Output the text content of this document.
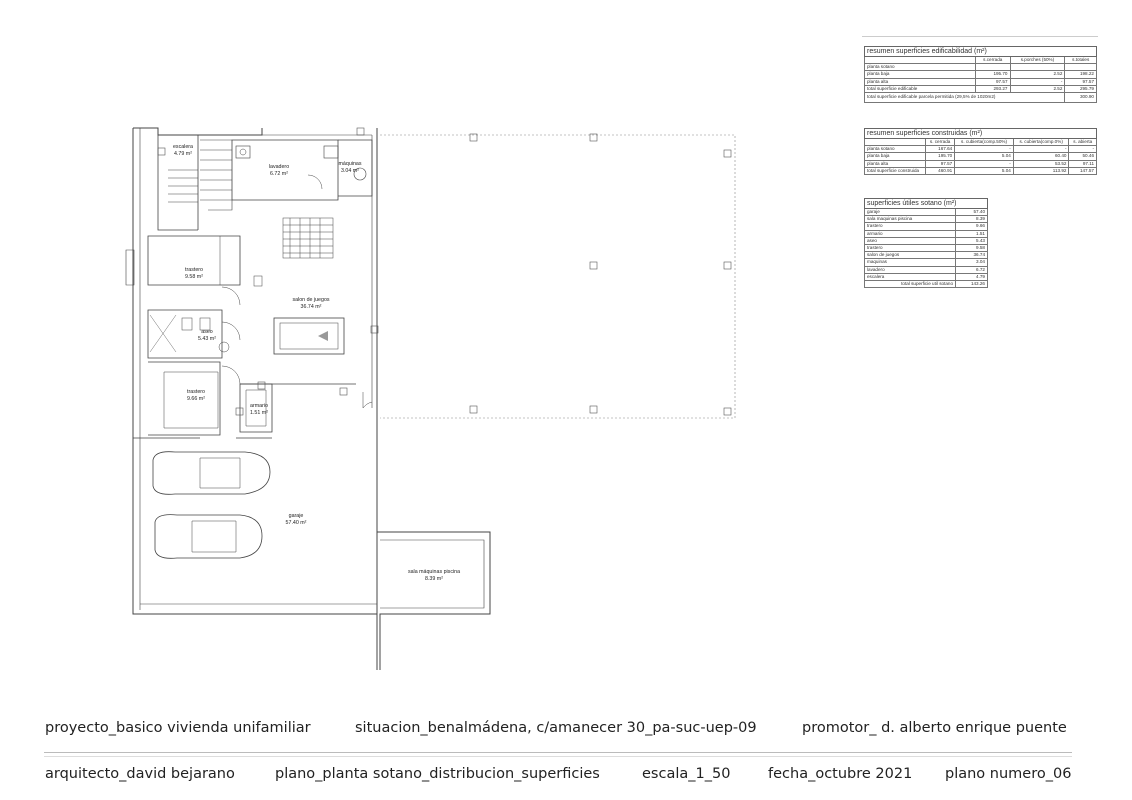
escalera
4.79 m²
lavadero
6.72 m²
máquinas
3.04 m²
trastero
9.58 m²
salon de juegos
36.74 m²
aseo
5.43 m²
trastero
9.66 m²
armario
1.51 m²
garaje
57.40 m²
sala máquinas piscina
8.39 m²
resumen superficies edificabilidad (m²)			
	s.cerrada	s.porches (50%)	s.totales
planta sotano			
planta baja	195.70	2.52	198.22
planta alta	97.57	-	97.57
total superficie edificable	293.27	2.52	295.79
total superficie edificable parcela permitida (29,5% de 1020m2)			300.90
resumen superficies construidas (m²)				
	s. cerrada	s. cubierta(comp.50%)	s. cubierta(comp.0%)	s. abierta
planta sotano	167.64	-	-	-
planta baja	195.70	5.04	60.40	50.46
planta alta	97.57	-	53.52	97.11
total superficie construida	460.91	5.04	113.92	147.57
superficies útiles sotano (m²)	
garaje	57.40
sala maquinas piscina	8.39
trastero	9.66
armario	1.51
aseo	5.43
trastero	9.58
salon de juegos	36.74
maquinas	3.04
lavadero	6.72
escalera	4.79
total superficie util sotano	143.26
proyecto_basico vivienda unifamiliar	situacion_benalmádena, c/amanecer 30_pa-suc-uep-09	promotor_ d. alberto enrique puente
arquitecto_david bejarano	plano_planta sotano_distribucion_superficies	escala_1_50	fecha_octubre 2021 plano numero_06
